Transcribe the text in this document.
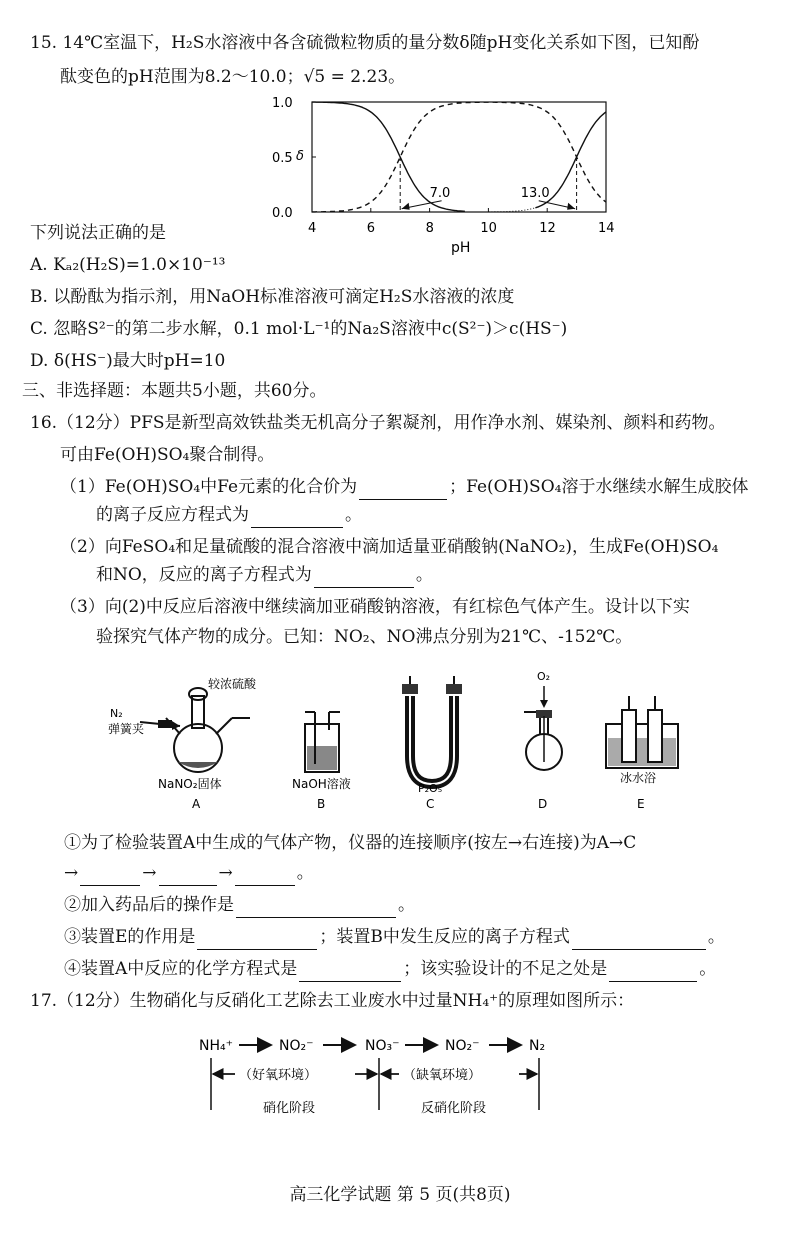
15. 14℃室温下，H₂S水溶液中各含硫微粒物质的量分数δ随pH变化关系如下图，已知酚
酞变色的pH范围为8.2～10.0；√5 = 2.23。
4	6	8	10	12	14
0.0
0.5
1.0
7.0	13.0
δ
pH
下列说法正确的是
A. Kₐ₂(H₂S)=1.0×10⁻¹³
B. 以酚酞为指示剂，用NaOH标准溶液可滴定H₂S水溶液的浓度
C. 忽略S²⁻的第二步水解，0.1 mol·L⁻¹的Na₂S溶液中c(S²⁻)＞c(HS⁻)
D. δ(HS⁻)最大时pH=10
三、非选择题：本题共5小题，共60分。
16.（12分）PFS是新型高效铁盐类无机高分子絮凝剂，用作净水剂、媒染剂、颜料和药物。
可由Fe(OH)SO₄聚合制得。
（1）Fe(OH)SO₄中Fe元素的化合价为	；Fe(OH)SO₄溶于水继续水解生成胶体
的离子反应方程式为	。
（2）向FeSO₄和足量硫酸的混合溶液中滴加适量亚硝酸钠(NaNO₂)，生成Fe(OH)SO₄
和NO，反应的离子方程式为	。
（3）向(2)中反应后溶液中继续滴加亚硝酸钠溶液，有红棕色气体产生。设计以下实
验探究气体产物的成分。已知：NO₂、NO沸点分别为21℃、-152℃。
N₂
弹簧夹
较浓硫酸
NaNO₂固体
A
NaOH溶液
B
P₂O₅
C
O₂
D
冰水浴
E
①为了检验装置A中生成的气体产物，仪器的连接顺序(按左→右连接)为A→C
→	→	→	。
②加入药品后的操作是	。
③装置E的作用是	；装置B中发生反应的离子方程式	。
④装置A中反应的化学方程式是	；该实验设计的不足之处是	。
17.（12分）生物硝化与反硝化工艺除去工业废水中过量NH₄⁺的原理如图所示：
NH₄⁺	NO₂⁻	NO₃⁻	NO₂⁻	N₂
（好氧环境）	（缺氧环境）
硝化阶段	反硝化阶段
高三化学试题 第 5 页(共8页)
